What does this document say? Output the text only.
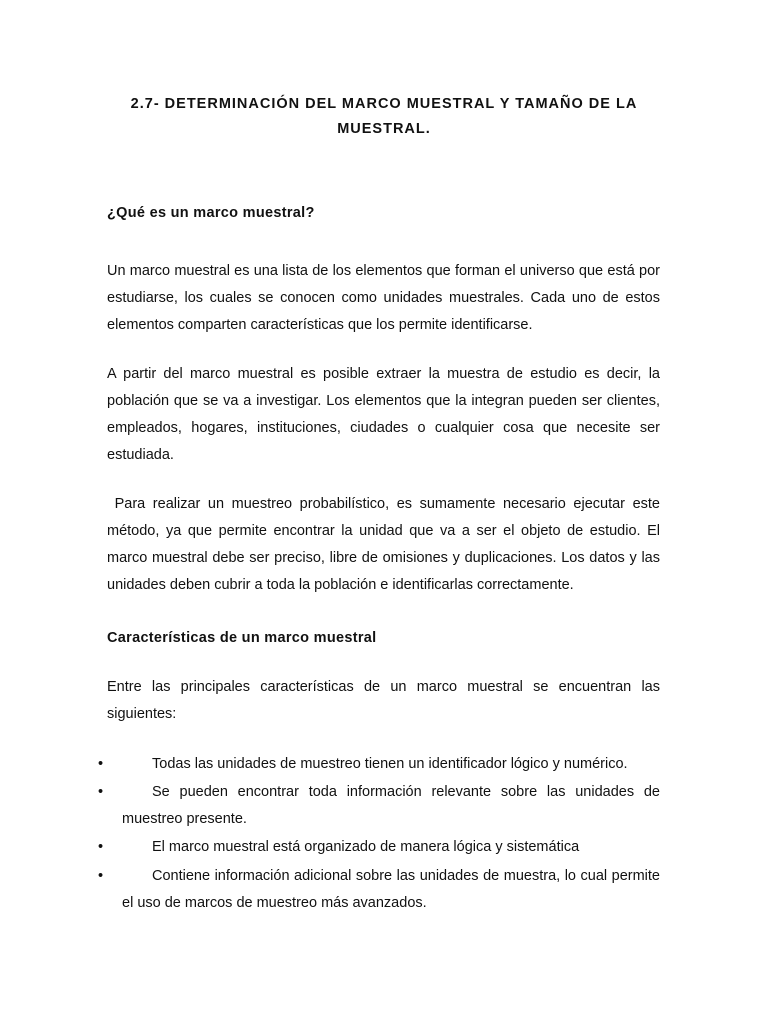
2.7- DETERMINACIÓN DEL MARCO MUESTRAL Y TAMAÑO DE LA MUESTRAL.
¿Qué es un marco muestral?
Un marco muestral es una lista de los elementos que forman el universo que está por estudiarse, los cuales se conocen como unidades muestrales. Cada uno de estos elementos comparten características que los permite identificarse.
A partir del marco muestral es posible extraer la muestra de estudio es decir, la población que se va a investigar. Los elementos que la integran pueden ser clientes, empleados, hogares, instituciones, ciudades o cualquier cosa que necesite ser estudiada.
Para realizar un muestreo probabilístico, es sumamente necesario ejecutar este método, ya que permite encontrar la unidad que va a ser el objeto de estudio. El marco muestral debe ser preciso, libre de omisiones y duplicaciones. Los datos y las unidades deben cubrir a toda la población e identificarlas correctamente.
Características de un marco muestral
Entre las principales características de un marco muestral se encuentran las siguientes:
•	Todas las unidades de muestreo tienen un identificador lógico y numérico.
•	Se pueden encontrar toda información relevante sobre las unidades de muestreo presente.
•	El marco muestral está organizado de manera lógica y sistemática
•	Contiene información adicional sobre las unidades de muestra, lo cual permite el uso de marcos de muestreo más avanzados.
